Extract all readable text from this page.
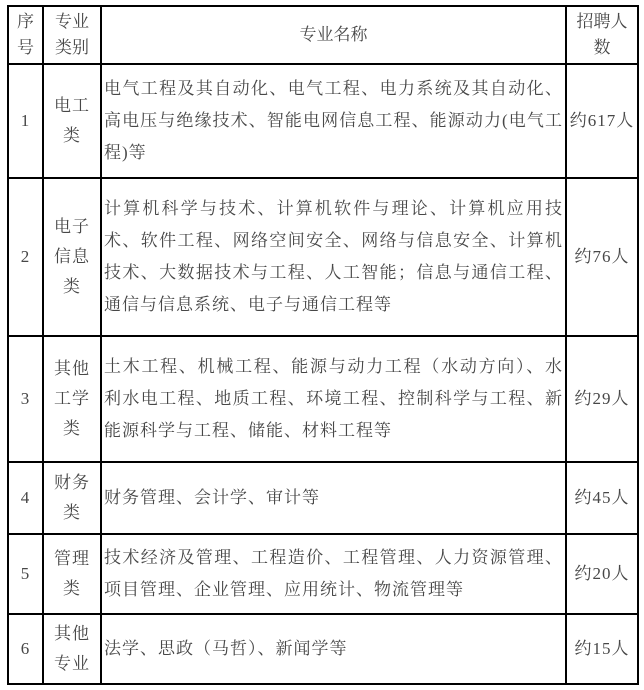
序号	专业类别	专业名称	招聘人数
1	电工类	电气工程及其自动化、电气工程、电力系统及其自动化、高电压与绝缘技术、智能电网信息工程、能源动力(电气工程)等	约617人
2	电子信息类	计算机科学与技术、计算机软件与理论、计算机应用技术、软件工程、网络空间安全、网络与信息安全、计算机技术、大数据技术与工程、人工智能；信息与通信工程、通信与信息系统、电子与通信工程等	约76人
3	其他工学类	土木工程、机械工程、能源与动力工程（水动方向）、水利水电工程、地质工程、环境工程、控制科学与工程、新能源科学与工程、储能、材料工程等	约29人
4	财务类	财务管理、会计学、审计等	约45人
5	管理类	技术经济及管理、工程造价、工程管理、人力资源管理、项目管理、企业管理、应用统计、物流管理等	约20人
6	其他专业	法学、思政（马哲）、新闻学等	约15人
